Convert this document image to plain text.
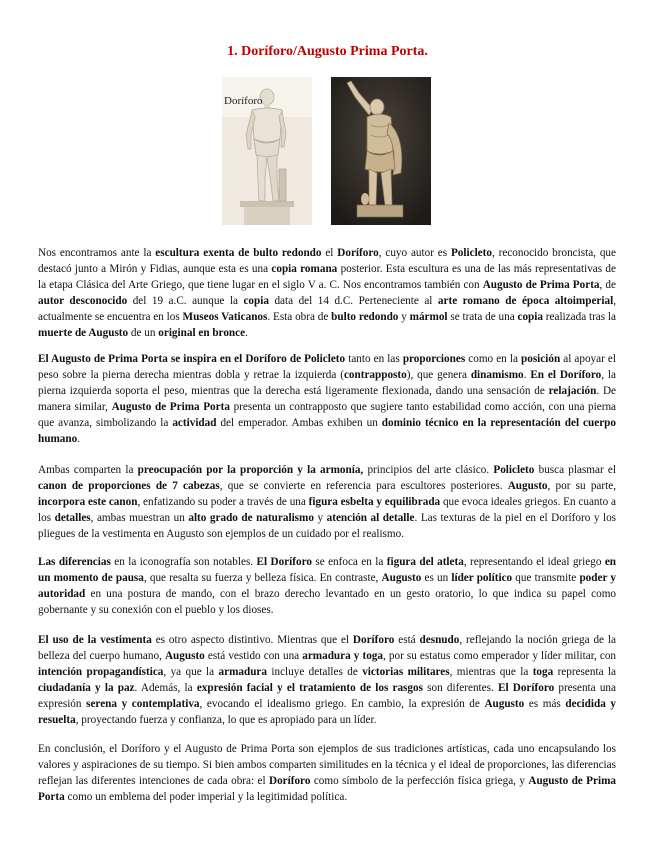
1. Doríforo/Augusto Prima Porta.
Doríforo

Nos encontramos ante la escultura exenta de bulto redondo el Doríforo, cuyo autor es Policleto, reconocido broncista, que destacó junto a Mirón y Fidias, aunque esta es una copia romana posterior. Esta escultura es una de las más representativas de la etapa Clásica del Arte Griego, que tiene lugar en el siglo V a. C. Nos encontramos también con Augusto de Prima Porta, de autor desconocido del 19 a.C. aunque la copia data del 14 d.C. Perteneciente al arte romano de época altoimperial, actualmente se encuentra en los Museos Vaticanos. Esta obra de bulto redondo y mármol se trata de una copia realizada tras la muerte de Augusto de un original en bronce.

El Augusto de Prima Porta se inspira en el Doríforo de Policleto tanto en las proporciones como en la posición al apoyar el peso sobre la pierna derecha mientras dobla y retrae la izquierda (contrapposto), que genera dinamismo. En el Doríforo, la pierna izquierda soporta el peso, mientras que la derecha está ligeramente flexionada, dando una sensación de relajación. De manera similar, Augusto de Prima Porta presenta un contrapposto que sugiere tanto estabilidad como acción, con una pierna que avanza, simbolizando la actividad del emperador. Ambas exhiben un dominio técnico en la representación del cuerpo humano.

Ambas comparten la preocupación por la proporción y la armonía, principios del arte clásico. Policleto busca plasmar el canon de proporciones de 7 cabezas, que se convierte en referencia para escultores posteriores. Augusto, por su parte, incorpora este canon, enfatizando su poder a través de una figura esbelta y equilibrada que evoca ideales griegos. En cuanto a los detalles, ambas muestran un alto grado de naturalismo y atención al detalle. Las texturas de la piel en el Doríforo y los pliegues de la vestimenta en Augusto son ejemplos de un cuidado por el realismo.

Las diferencias en la iconografía son notables. El Doríforo se enfoca en la figura del atleta, representando el ideal griego en un momento de pausa, que resalta su fuerza y belleza física. En contraste, Augusto es un líder político que transmite poder y autoridad en una postura de mando, con el brazo derecho levantado en un gesto oratorio, lo que indica su papel como gobernante y su conexión con el pueblo y los dioses.

El uso de la vestimenta es otro aspecto distintivo. Mientras que el Doríforo está desnudo, reflejando la noción griega de la belleza del cuerpo humano, Augusto está vestido con una armadura y toga, por su estatus como emperador y líder militar, con intención propagandística, ya que la armadura incluye detalles de victorias militares, mientras que la toga representa la ciudadanía y la paz. Además, la expresión facial y el tratamiento de los rasgos son diferentes. El Doríforo presenta una expresión serena y contemplativa, evocando el idealismo griego. En cambio, la expresión de Augusto es más decidida y resuelta, proyectando fuerza y confianza, lo que es apropiado para un líder.

En conclusión, el Doríforo y el Augusto de Prima Porta son ejemplos de sus tradiciones artísticas, cada uno encapsulando los valores y aspiraciones de su tiempo. Si bien ambos comparten similitudes en la técnica y el ideal de proporciones, las diferencias reflejan las diferentes intenciones de cada obra: el Doríforo como símbolo de la perfección física griega, y Augusto de Prima Porta como un emblema del poder imperial y la legitimidad política.
